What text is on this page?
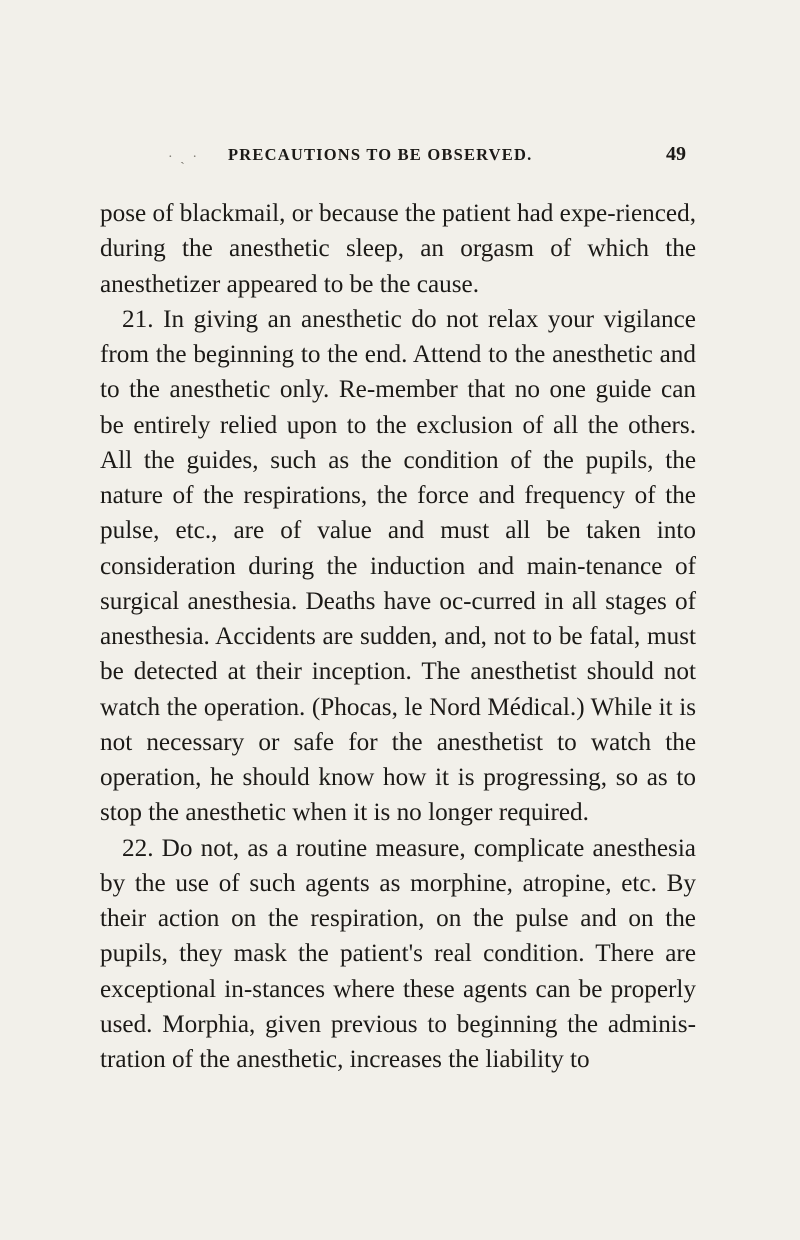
· ˏ · PRECAUTIONS TO BE OBSERVED.	49

pose of blackmail, or because the patient had expe-rienced, during the anesthetic sleep, an orgasm of which the anesthetizer appeared to be the cause.

21. In giving an anesthetic do not relax your vigilance from the beginning to the end. Attend to the anesthetic and to the anesthetic only. Re-member that no one guide can be entirely relied upon to the exclusion of all the others. All the guides, such as the condition of the pupils, the nature of the respirations, the force and frequency of the pulse, etc., are of value and must all be taken into consideration during the induction and main-tenance of surgical anesthesia. Deaths have oc-curred in all stages of anesthesia. Accidents are sudden, and, not to be fatal, must be detected at their inception. The anesthetist should not watch the operation. (Phocas, le Nord Médical.) While it is not necessary or safe for the anesthetist to watch the operation, he should know how it is progressing, so as to stop the anesthetic when it is no longer required.

22. Do not, as a routine measure, complicate anesthesia by the use of such agents as morphine, atropine, etc. By their action on the respiration, on the pulse and on the pupils, they mask the patient's real condition. There are exceptional in-stances where these agents can be properly used. Morphia, given previous to beginning the adminis-tration of the anesthetic, increases the liability to
